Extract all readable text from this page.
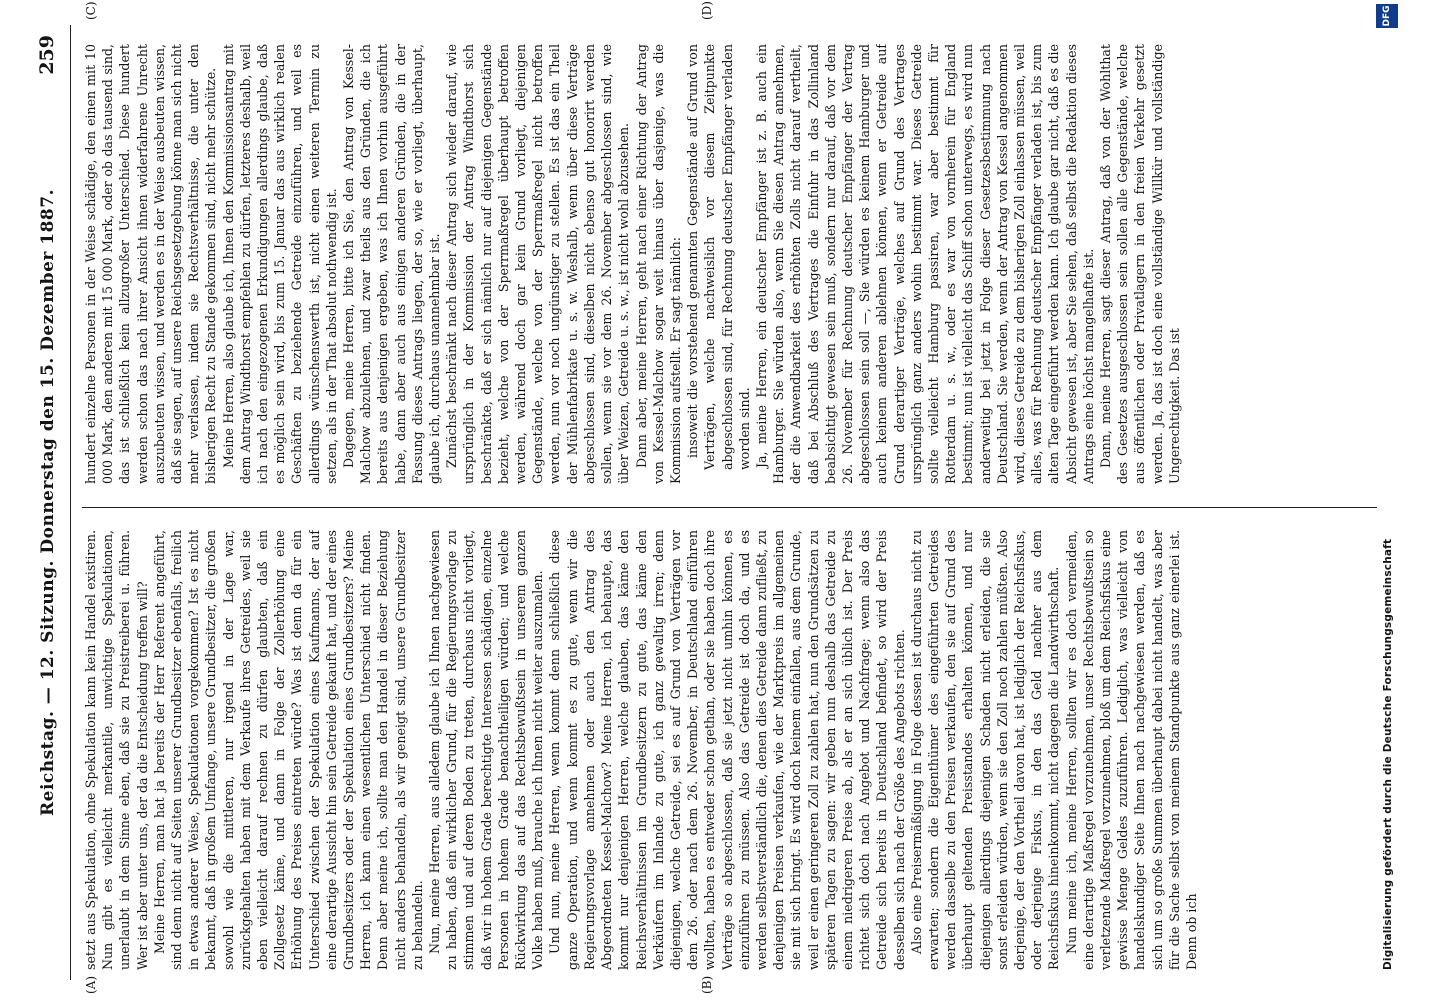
Reichstag. — 12. Sitzung. Donnerstag den 15. Dezember 1887.
259
(A)	(B)
(C)	(D)

setzt aus Spekulation, ohne Spekulation kann kein Handel existiren. Nun gibt es vielleicht merkantile, unwichtige Spekulationen, unerlaubt in dem Sinne eben, daß sie zu Preistreiberei u. führen. Wer ist aber unter uns, der da die Entscheidung treffen will? Meine Herren, man hat ja bereits der Herr Referent angeführt, sind denn nicht auf Seiten unserer Grundbesitzer ebenfalls, freilich in etwas anderer Weise, Spekulationen vorgekommen? Ist es nicht bekannt, daß in großem Umfange, unsere Grundbesitzer, die großen sowohl wie die mittleren, nur irgend in der Lage war, zurückgehalten haben mit dem Verkaufe ihres Getreides, weil sie eben vielleicht darauf rechnen zu dürfen glaubten, daß ein Zollgesetz käme, und dann in Folge der Zollerhöhung eine Erhöhung des Preises eintreten würde? Was ist denn da für ein Unterschied zwischen der Spekulation eines Kaufmanns, der auf eine derartige Aussicht hin sein Getreide gekauft hat, und der eines Grundbesitzers oder der Spekulation eines Grundbesitzers? Meine Herren, ich kann einen wesentlichen Unterschied nicht finden. Denn aber meine ich, sollte man den Handel in dieser Beziehung nicht anders behandeln, als wir geneigt sind, unsere Grundbesitzer zu behandeln. Nun, meine Herren, aus alledem glaube ich Ihnen nachgewiesen zu haben, daß ein wirklicher Grund, für die Regierungsvorlage zu stimmen und auf deren Boden zu treten, durchaus nicht vorliegt, daß wir in hohem Grade berechtigte Interessen schädigen, einzelne Personen in hohem Grade benachtheiligen würden; und welche Rückwirkung das auf das Rechtsbewußtsein in unserem ganzen Volke haben muß, brauche ich Ihnen nicht weiter auszumalen. Und nun, meine Herren, wenn kommt denn schließlich diese ganze Operation, und wenn kommt es zu gute, wenn wir die Regierungsvorlage annehmen oder auch den Antrag des Abgeordneten Kessel-Malchow? Meine Herren, ich behaupte, das kommt nur denjenigen Herren, welche glauben, das käme den Reichsverhältnissen im Grundbesitzern zu gute, das käme den Verkäufern im Inlande zu gute, ich ganz gewaltig irren; denn diejenigen, welche Getreide, sei es auf Grund von Verträgen vor dem 26. oder nach dem 26. November, in Deutschland einführen wollten, haben es entweder schon gethan, oder sie haben doch ihre Verträge so abgeschlossen, daß sie jetzt nicht umhin können, es einzuführen zu müssen. Also das Getreide ist doch da, und es werden selbstverständlich die, denen dies Getreide dann zufließt, zu denjenigen Preisen verkaufen, wie der Marktpreis im allgemeinen sie mit sich bringt. Es wird doch keinem einfallen, aus dem Grunde, weil er einen geringeren Zoll zu zahlen hat, nun den Grundsätzen zu späteren Tagen zu sagen: wir geben nun deshalb das Getreide zu einem niedrigeren Preise ab, als er an sich üblich ist. Der Preis richtet sich doch nach Angebot und Nachfrage; wenn also das Getreide sich bereits in Deutschland befindet, so wird der Preis desselben sich nach der Größe des Angebots richten. Also eine Preisermäßigung in Folge dessen ist durchaus nicht zu erwarten; sondern die Eigenthümer des eingeführten Getreides werden dasselbe zu den Preisen verkaufen, den sie auf Grund des überhaupt geltenden Preisstandes erhalten können, und nur diejenigen allerdings diejenigen Schaden nicht erleiden, die sie sonst erleiden würden, wenn sie den Zoll noch zahlen müßten. Also derjenige, der den Vortheil davon hat, ist lediglich der Reichsfiskus, oder derjenige Fiskus, in den das Geld nachher aus dem Reichsfiskus hineinkommt, nicht dagegen die Landwirthschaft. Nun meine ich, meine Herren, sollten wir es doch vermeiden, eine derartige Maßregel vorzunehmen, unser Rechtsbewußtsein so verletzende Maßregel vorzunehmen, bloß um dem Reichsfiskus eine gewisse Menge Geldes zuzuführen. Lediglich, was vielleicht von handelskundiger Seite Ihnen nach nachgewiesen werden, daß es sich um so große Summen überhaupt dabei nicht handelt, was aber für die Sache selbst von meinem Standpunkte aus ganz einerlei ist. Denn ob ich

hundert einzelne Personen in der Weise schädige, den einen mit 10 000 Mark, den anderen mit 15 000 Mark, oder ob das tausend sind, das ist schließlich kein allzugroßer Unterschied. Diese hundert werden schon das nach ihrer Ansicht ihnen widerfahrene Unrecht auszubeuten wissen, und werden es in der Weise ausbeuten wissen, daß sie sagen, auf unsere Reichsgesetzgebung könne man sich nicht mehr verlassen, indem sie Rechtsverhältnisse, die unter den bisherigen Recht zu Stande gekommen sind, nicht mehr schütze. Meine Herren, also glaube ich, Ihnen den Kommissionsantrag mit dem Antrag Windthorst empfehlen zu dürfen, letzteres deshalb, weil ich nach den eingezogenen Erkundigungen allerdings glaube, daß es möglich sein wird, bis zum 15. Januar das aus wirklich realen Geschäften zu beziehende Getreide einzuführen, und weil es allerdings wünschenswerth ist, nicht einen weiteren Termin zu setzen, als in der That absolut nothwendig ist. Dagegen, meine Herren, bitte ich Sie, den Antrag von Kessel-Malchow abzulehnen, und zwar theils aus den Gründen, die ich bereits aus denjenigen ergeben, was ich Ihnen vorhin ausgeführt habe, dann aber auch aus einigen anderen Gründen, die in der Fassung dieses Antrags liegen, der so, wie er vorliegt, überhaupt, glaube ich, durchaus unannehmbar ist. Zunächst beschränkt nach dieser Antrag sich wieder darauf, wie ursprünglich in der Kommission der Antrag Windthorst sich beschränkte, daß er sich nämlich nur auf diejenigen Gegenstände bezieht, welche von der Sperrmaßregel überhaupt betroffen werden, während doch gar kein Grund vorliegt, diejenigen Gegenstände, welche von der Sperrmaßregel nicht betroffen werden, nun vor noch ungünstiger zu stellen. Es ist das ein Theil der Mühlenfabrikate u. s. w. Weshalb, wenn über diese Verträge abgeschlossen sind, dieselben nicht ebenso gut honorirt werden sollen, wenn sie vor dem 26. November abgeschlossen sind, wie über Weizen, Getreide u. s. w., ist nicht wohl abzusehen. Dann aber, meine Herren, geht nach einer Richtung der Antrag von Kessel-Malchow sogar weit hinaus über dasjenige, was die Kommission aufstellt. Er sagt nämlich: insoweit die vorstehend genannten Gegenstände auf Grund von Verträgen, welche nachweislich vor diesem Zeitpunkte abgeschlossen sind, für Rechnung deutscher Empfänger verladen worden sind. Ja, meine Herren, ein deutscher Empfänger ist z. B. auch ein Hamburger. Sie würden also, wenn Sie diesen Antrag annehmen, der die Anwendbarkeit des erhöhten Zolls nicht darauf vertheilt, daß bei Abschluß des Vertrages die Einfuhr in das Zollinland beabsichtigt gewesen sein muß, sondern nur darauf, daß vor dem 26. November für Rechnung deutscher Empfänger der Vertrag abgeschlossen sein soll —, Sie würden es keinem Hamburger und auch keinem anderen ablehnen können, wenn er Getreide auf Grund derartiger Verträge, welches auf Grund des Vertrages ursprünglich ganz anders wohin bestimmt war. Dieses Getreide sollte vielleicht Hamburg passiren, war aber bestimmt für Rotterdam u. s. w., oder es war von vornherein für England bestimmt; nun ist vielleicht das Schiff schon unterwegs, es wird nun anderweitig bei jetzt in Folge dieser Gesetzesbestimmung nach Deutschland. Sie werden, wenn der Antrag von Kessel angenommen wird, dieses Getreide zu dem bisherigen Zoll einlassen müssen, weil alles, was für Rechnung deutscher Empfänger verladen ist, bis zum alten Tage eingeführt werden kann. Ich glaube gar nicht, daß es die Absicht gewesen ist, aber Sie sehen, daß selbst die Redaktion dieses Antrags eine höchst mangelhafte ist. Dann, meine Herren, sagt dieser Antrag, daß von der Wohlthat des Gesetzes ausgeschlossen sein sollen alle Gegenstände, welche aus öffentlichen oder Privatlagern in den freien Verkehr gesetzt werden. Ja, das ist doch eine vollständige Willkür und vollständige Ungerechtigkeit. Das ist

Digitalisierung gefördert durch die Deutsche Forschungsgemeinschaft
DFG
